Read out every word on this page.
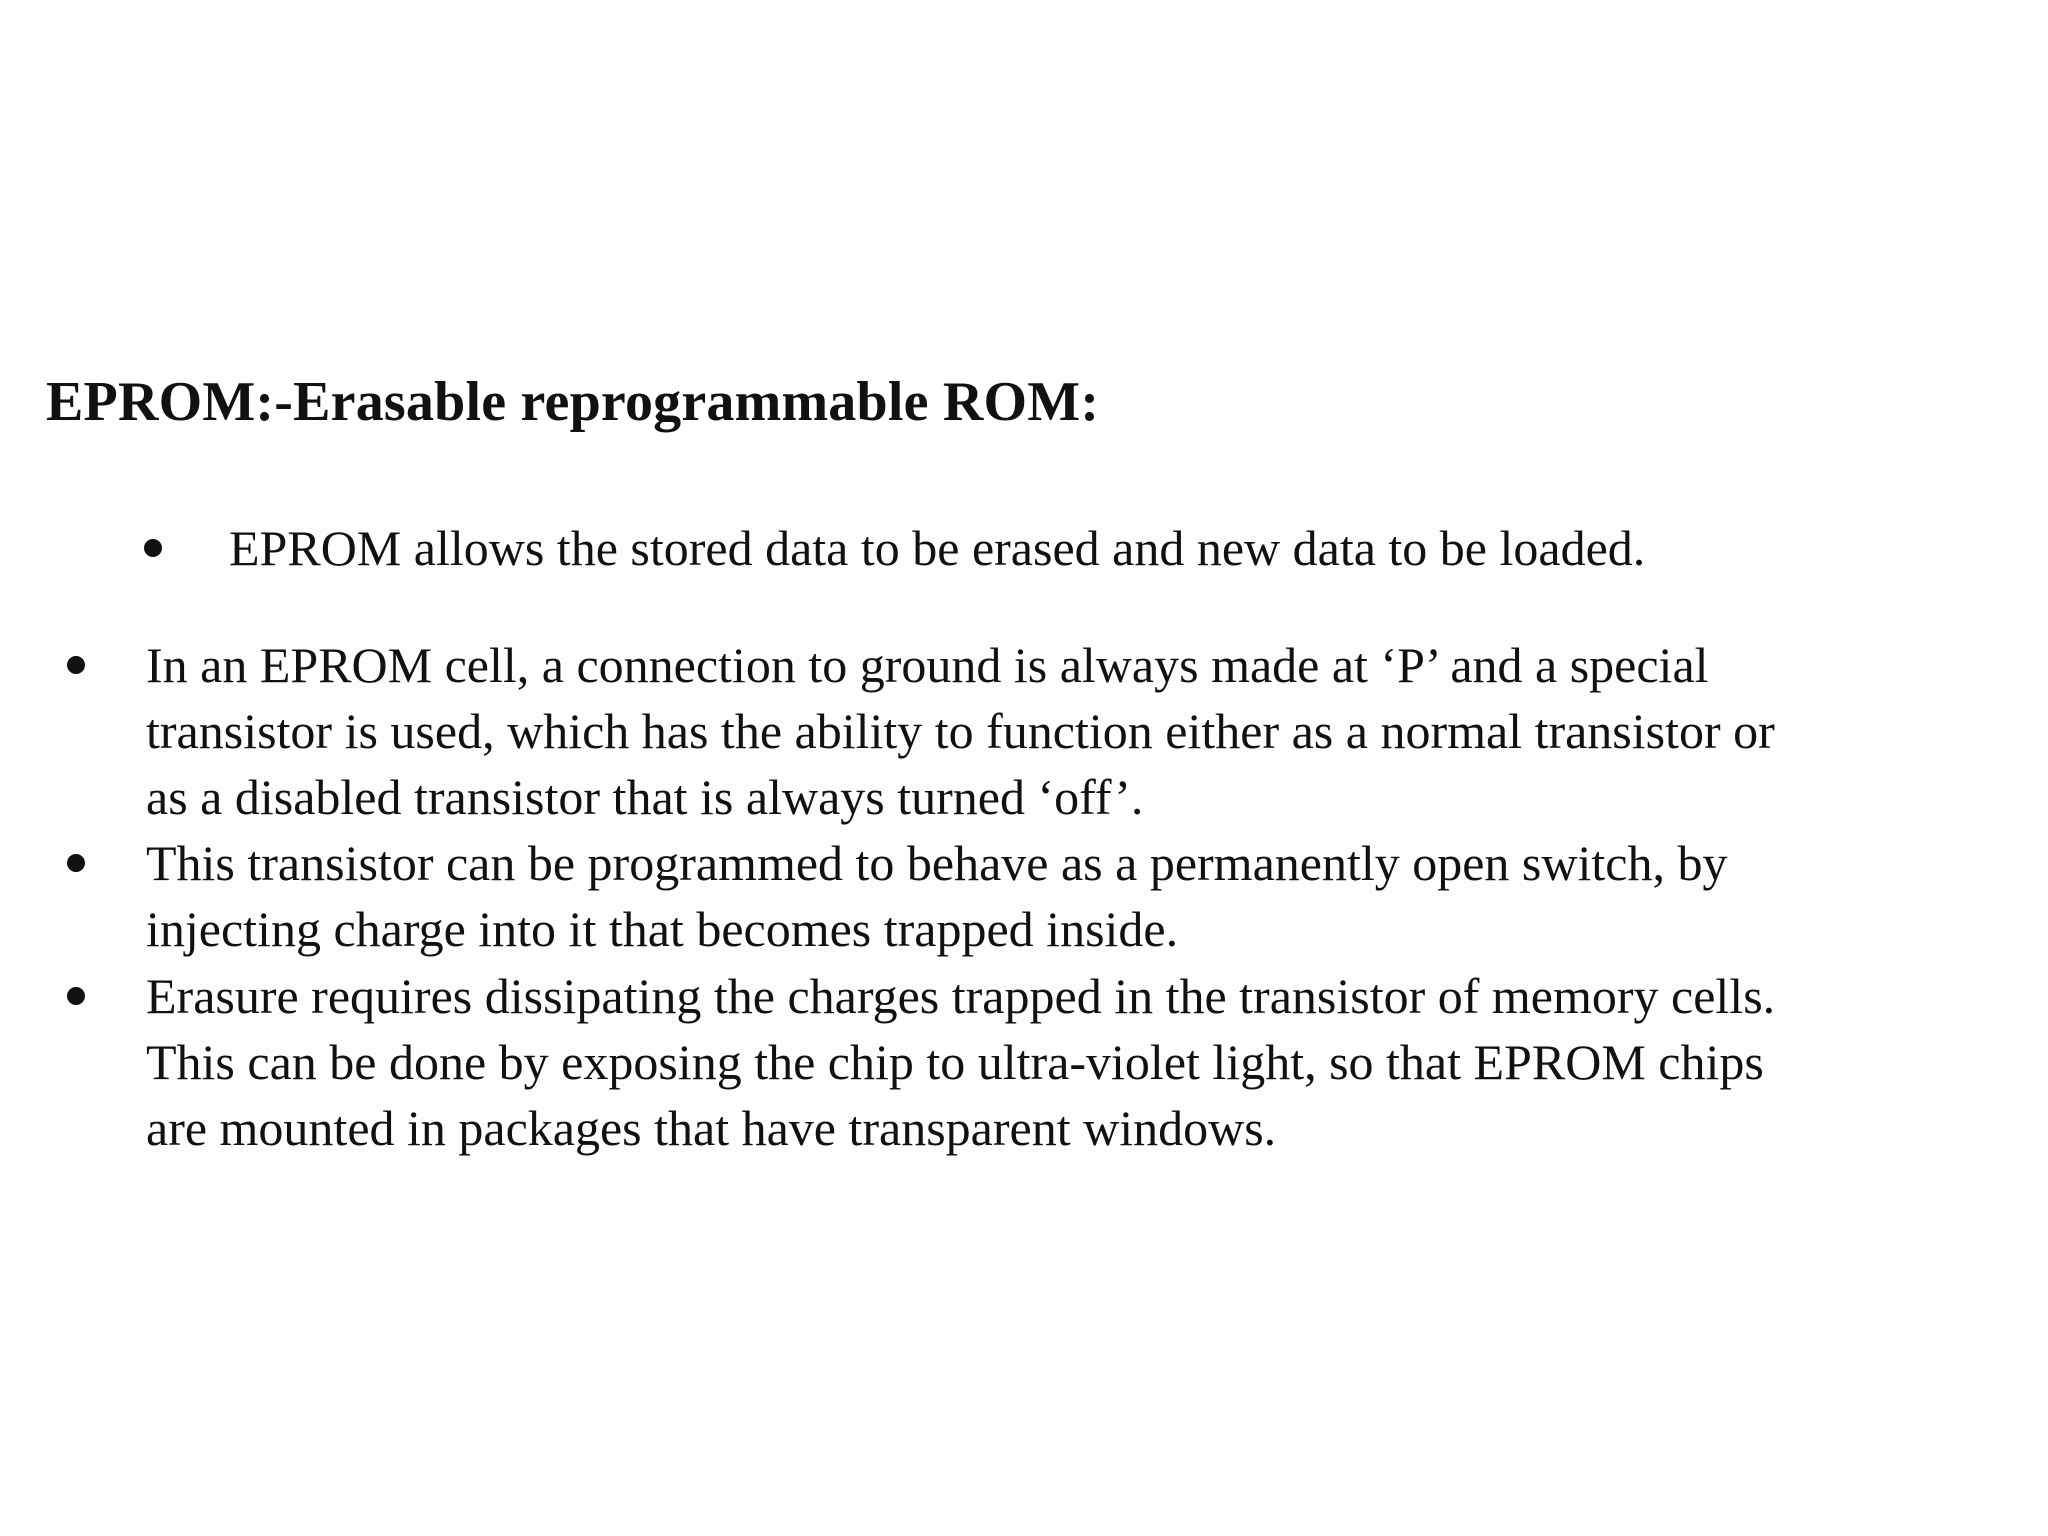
EPROM:-Erasable reprogrammable ROM:
EPROM allows the stored data to be erased and new data to be loaded.
In an EPROM cell, a connection to ground is always made at ‘P’ and a special
transistor is used, which has the ability to function either as a normal transistor or
as a disabled transistor that is always turned ‘off’.
This transistor can be programmed to behave as a permanently open switch, by
injecting charge into it that becomes trapped inside.
Erasure requires dissipating the charges trapped in the transistor of memory cells.
This can be done by exposing the chip to ultra-violet light, so that EPROM chips
are mounted in packages that have transparent windows.
